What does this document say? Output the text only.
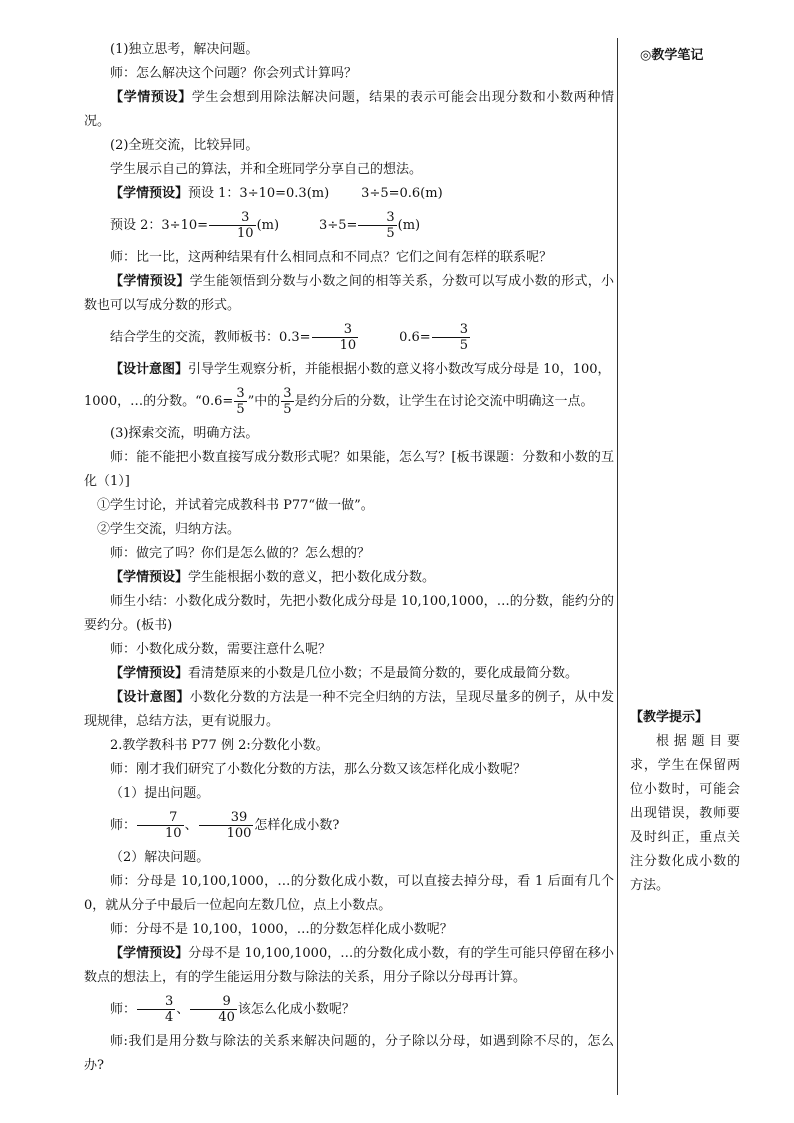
(1)独立思考，解决问题。

师：怎么解决这个问题？你会列式计算吗？

【学情预设】学生会想到用除法解决问题，结果的表示可能会出现分数和小数两种情况。

(2)全班交流，比较异同。

学生展示自己的算法，并和全班同学分享自己的想法。

【学情预设】预设 1：3÷10=0.3(m) 3÷5=0.6(m)

预设 2：$3\div 10= \frac{3}{10} (m)$	$3\div 5= \frac{3}{5} (m)$

师：比一比，这两种结果有什么相同点和不同点？它们之间有怎样的联系呢？

【学情预设】学生能领悟到分数与小数之间的相等关系，分数可以写成小数的形式，小数也可以写成分数的形式。

结合学生的交流，教师板书：$0.3= \frac{3}{10}$	$0.6= \frac{3}{5}$

【设计意图】引导学生观察分析，并能根据小数的意义将小数改写成分母是 10，100，

1000，…的分数。“$0.6= \frac{3}{5}$ ”中的 $\frac{3}{5}$ 是约分后的分数，让学生在讨论交流中明确这一点。

(3)探索交流，明确方法。

师：能不能把小数直接写成分数形式呢？如果能，怎么写？[板书课题：分数和小数的互化（1）]

①学生讨论，并试着完成教科书 P77“做一做”。

②学生交流，归纳方法。

师：做完了吗？你们是怎么做的？怎么想的？

【学情预设】学生能根据小数的意义，把小数化成分数。

师生小结：小数化成分数时，先把小数化成分母是 10,100,1000，…的分数，能约分的要约分。(板书)

师：小数化成分数，需要注意什么呢？

【学情预设】看清楚原来的小数是几位小数；不是最简分数的，要化成最简分数。

【设计意图】小数化分数的方法是一种不完全归纳的方法，呈现尽量多的例子，从中发现规律，总结方法，更有说服力。

2.教学教科书 P77 例 2:分数化小数。

师：刚才我们研究了小数化分数的方法，那么分数又该怎样化成小数呢？

（1）提出问题。

师： $\frac{7}{10}$ 、 $\frac{39}{100}$ 怎样化成小数?

（2）解决问题。

师：分母是 10,100,1000，…的分数化成小数，可以直接去掉分母，看 1 后面有几个 0，就从分子中最后一位起向左数几位，点上小数点。

师：分母不是 10,100，1000，…的分数怎样化成小数呢？

【学情预设】分母不是 10,100,1000，…的分数化成小数，有的学生可能只停留在移小数点的想法上，有的学生能运用分数与除法的关系，用分子除以分母再计算。

师： $\frac{3}{4}$ 、 $\frac{9}{40}$ 该怎么化成小数呢？

师:我们是用分数与除法的关系来解决问题的，分子除以分母，如遇到除不尽的，怎么办?

◎教学笔记
【教学提示】
根据题目要求，学生在保留两位小数时，可能会出现错误，教师要及时纠正，重点关注分数化成小数的方法。
